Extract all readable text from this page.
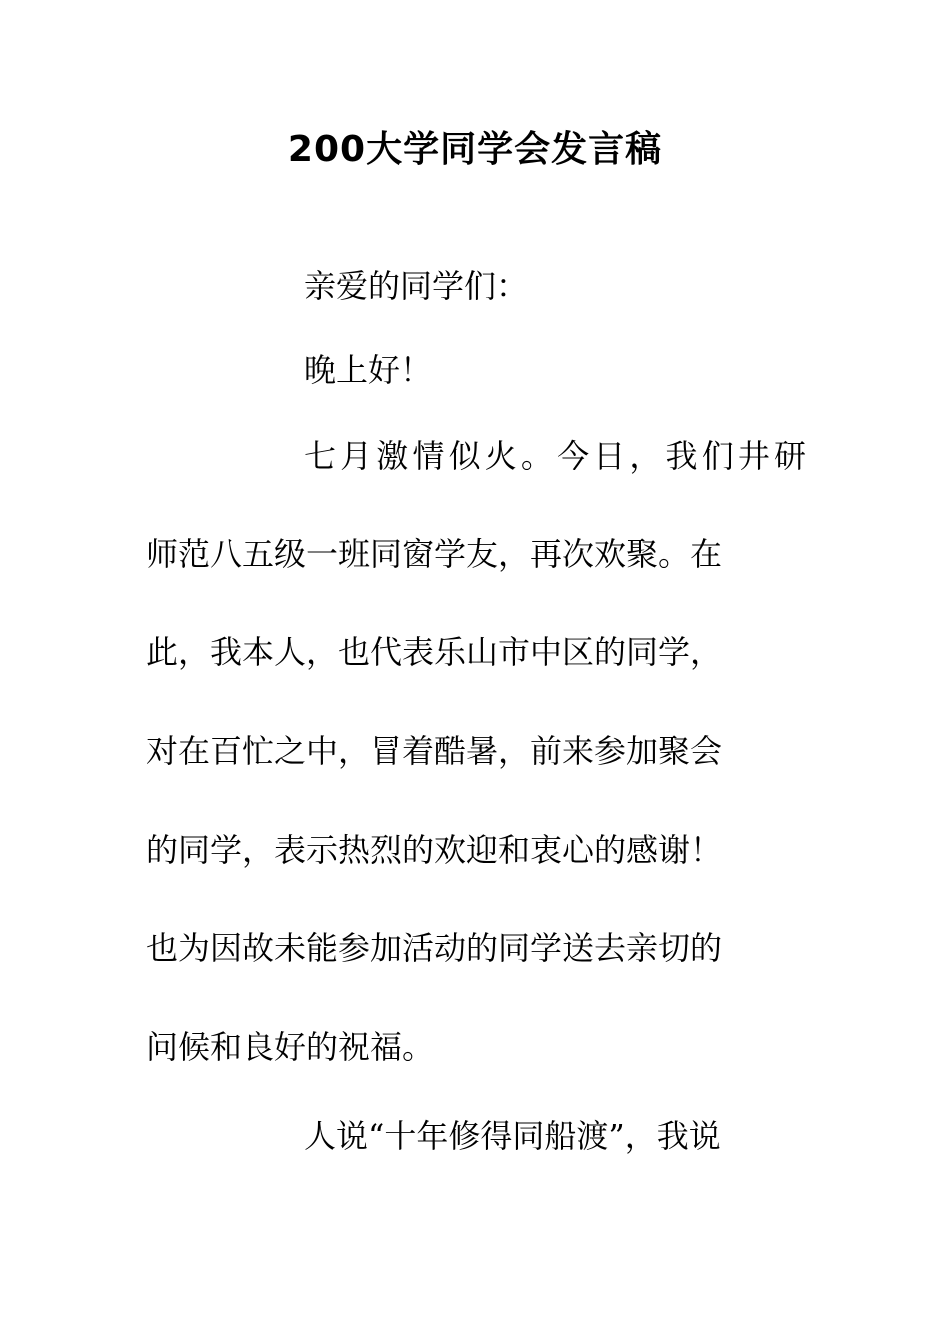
200大学同学会发言稿
亲爱的同学们：
晚上好！
七月激情似火。今日，我们井研
师范八五级一班同窗学友，再次欢聚。在
此，我本人，也代表乐山市中区的同学，
对在百忙之中，冒着酷暑，前来参加聚会
的同学，表示热烈的欢迎和衷心的感谢！
也为因故未能参加活动的同学送去亲切的
问候和良好的祝福。
人说“十年修得同船渡”，我说
